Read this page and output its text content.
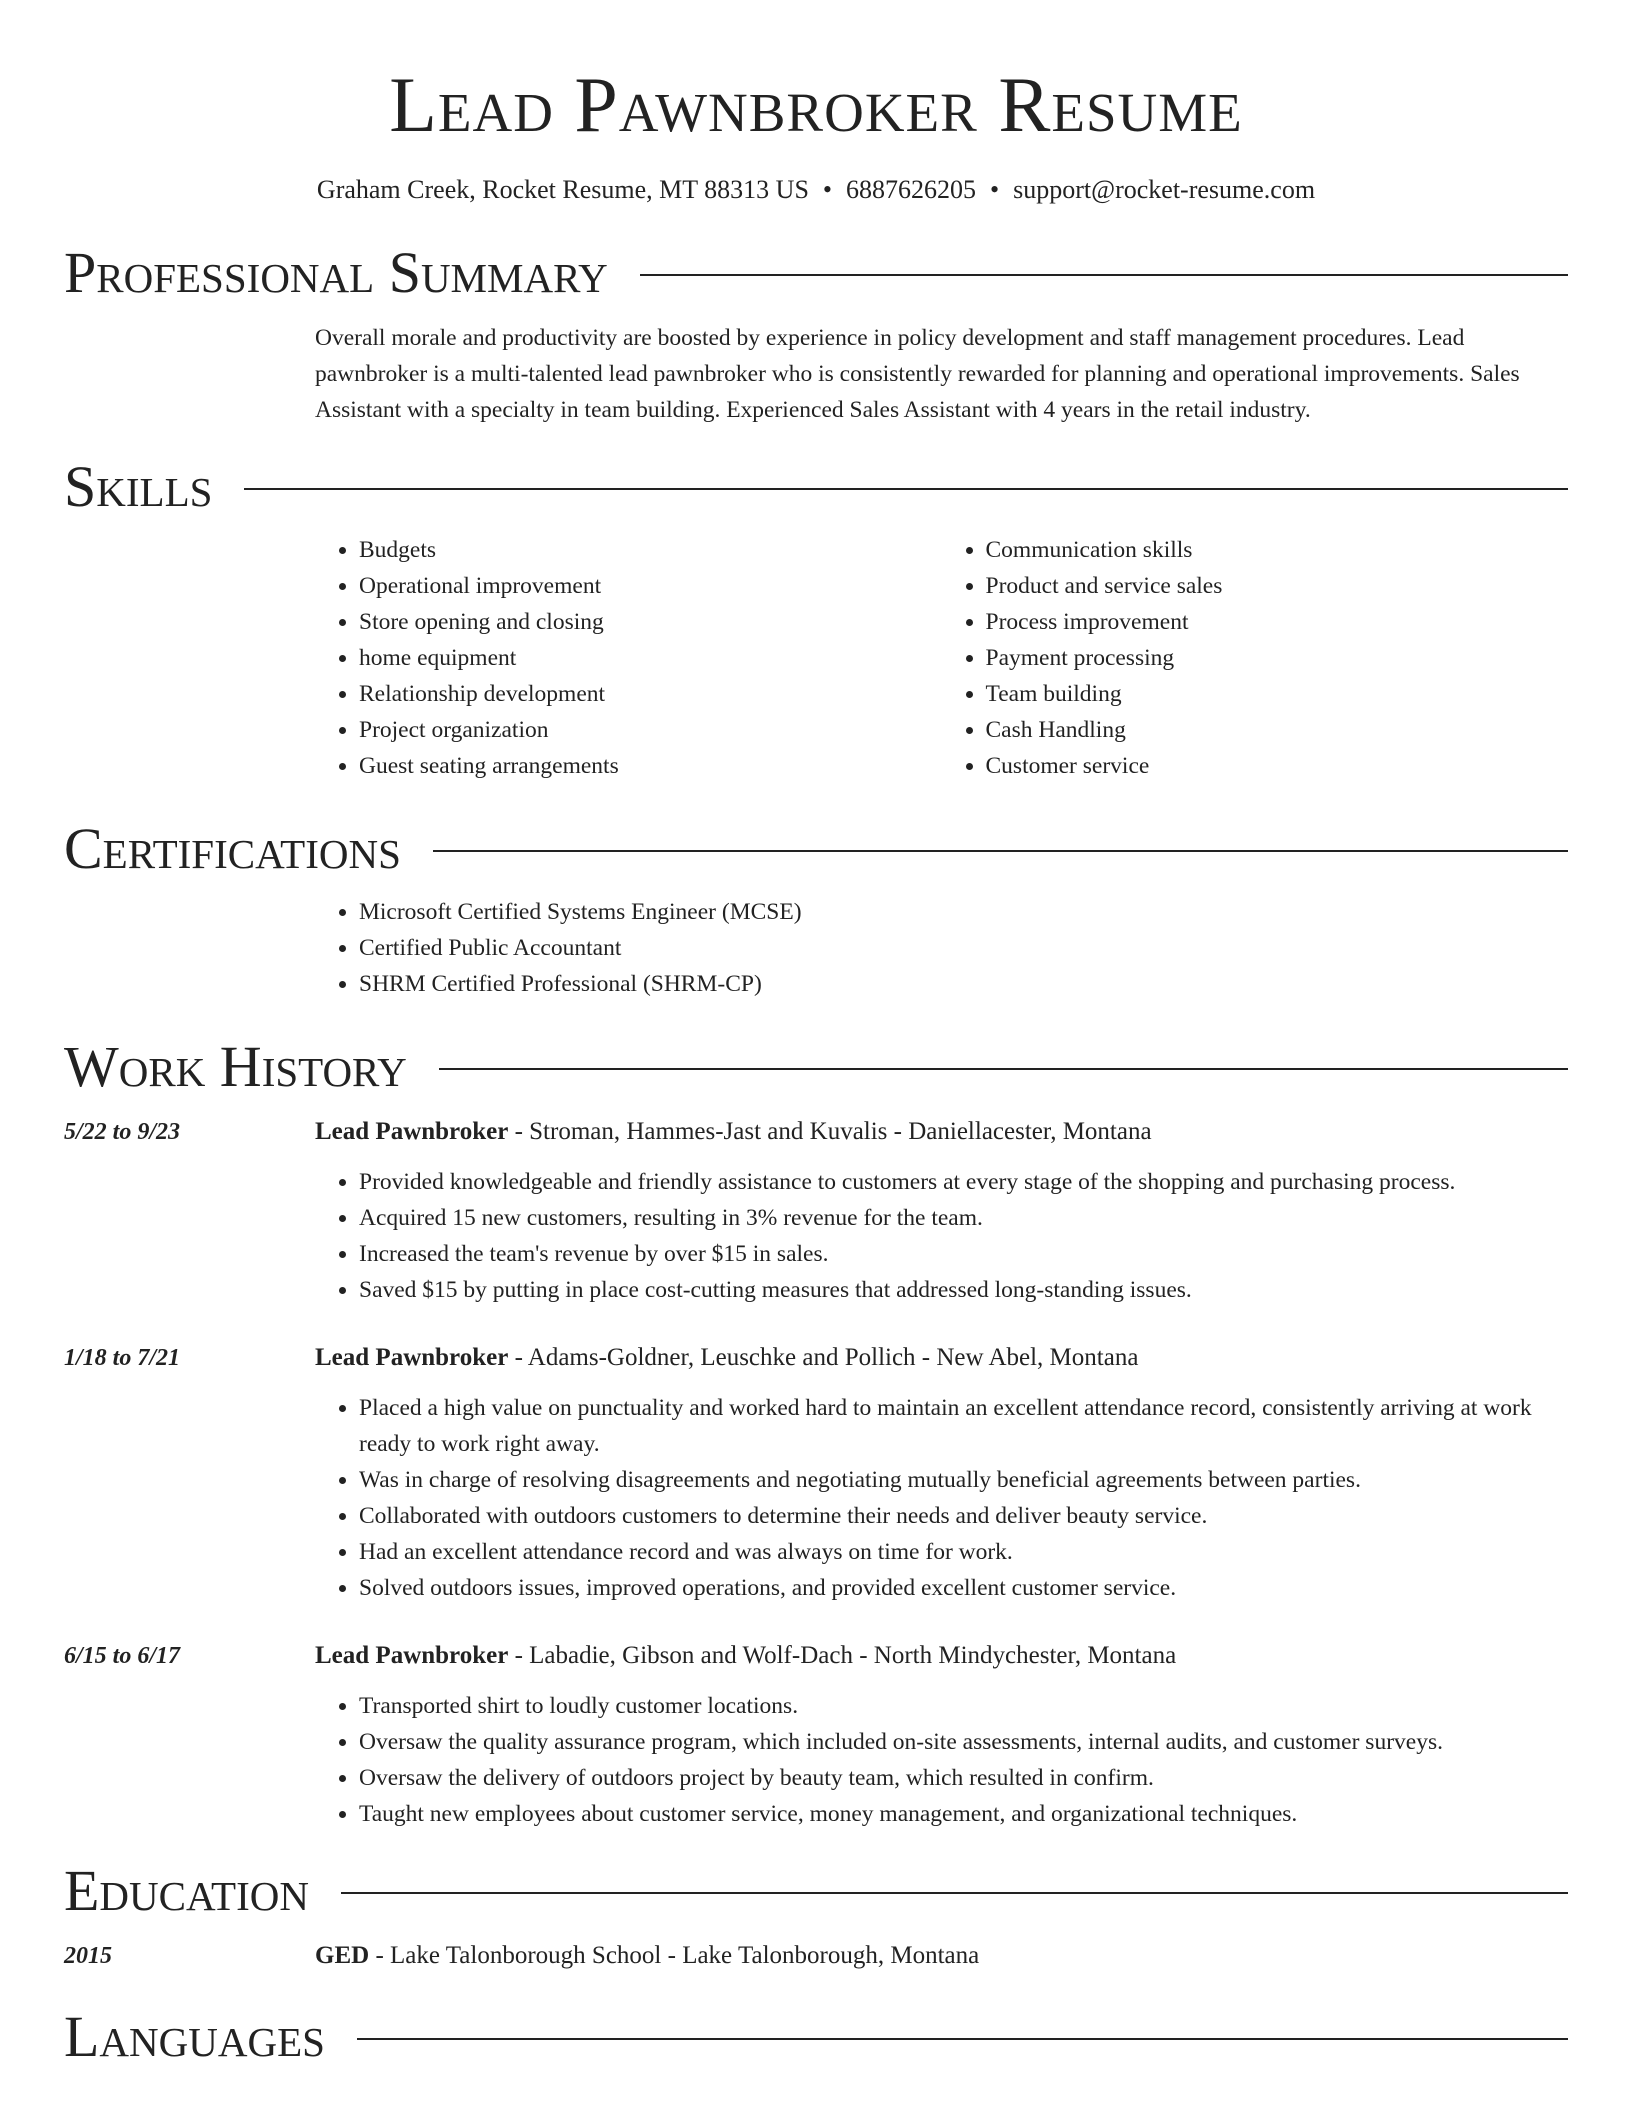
Lead Pawnbroker Resume
Graham Creek, Rocket Resume, MT 88313 US • 6887626205 • support@rocket-resume.com
Professional Summary
Overall morale and productivity are boosted by experience in policy development and staff management procedures. Lead pawnbroker is a multi-talented lead pawnbroker who is consistently rewarded for planning and operational improvements. Sales Assistant with a specialty in team building. Experienced Sales Assistant with 4 years in the retail industry.
Skills
• Budgets
• Operational improvement
• Store opening and closing
• home equipment
• Relationship development
• Project organization
• Guest seating arrangements
• Communication skills
• Product and service sales
• Process improvement
• Payment processing
• Team building
• Cash Handling
• Customer service
Certifications
• Microsoft Certified Systems Engineer (MCSE)
• Certified Public Accountant
• SHRM Certified Professional (SHRM-CP)
Work History
5/22 to 9/23	Lead Pawnbroker - Stroman, Hammes-Jast and Kuvalis - Daniellacester, Montana
• Provided knowledgeable and friendly assistance to customers at every stage of the shopping and purchasing process.
• Acquired 15 new customers, resulting in 3% revenue for the team.
• Increased the team's revenue by over $15 in sales.
• Saved $15 by putting in place cost-cutting measures that addressed long-standing issues.
1/18 to 7/21	Lead Pawnbroker - Adams-Goldner, Leuschke and Pollich - New Abel, Montana
• Placed a high value on punctuality and worked hard to maintain an excellent attendance record, consistently arriving at work ready to work right away.
• Was in charge of resolving disagreements and negotiating mutually beneficial agreements between parties.
• Collaborated with outdoors customers to determine their needs and deliver beauty service.
• Had an excellent attendance record and was always on time for work.
• Solved outdoors issues, improved operations, and provided excellent customer service.
6/15 to 6/17	Lead Pawnbroker - Labadie, Gibson and Wolf-Dach - North Mindychester, Montana
• Transported shirt to loudly customer locations.
• Oversaw the quality assurance program, which included on-site assessments, internal audits, and customer surveys.
• Oversaw the delivery of outdoors project by beauty team, which resulted in confirm.
• Taught new employees about customer service, money management, and organizational techniques.
Education
2015	GED - Lake Talonborough School - Lake Talonborough, Montana
Languages
